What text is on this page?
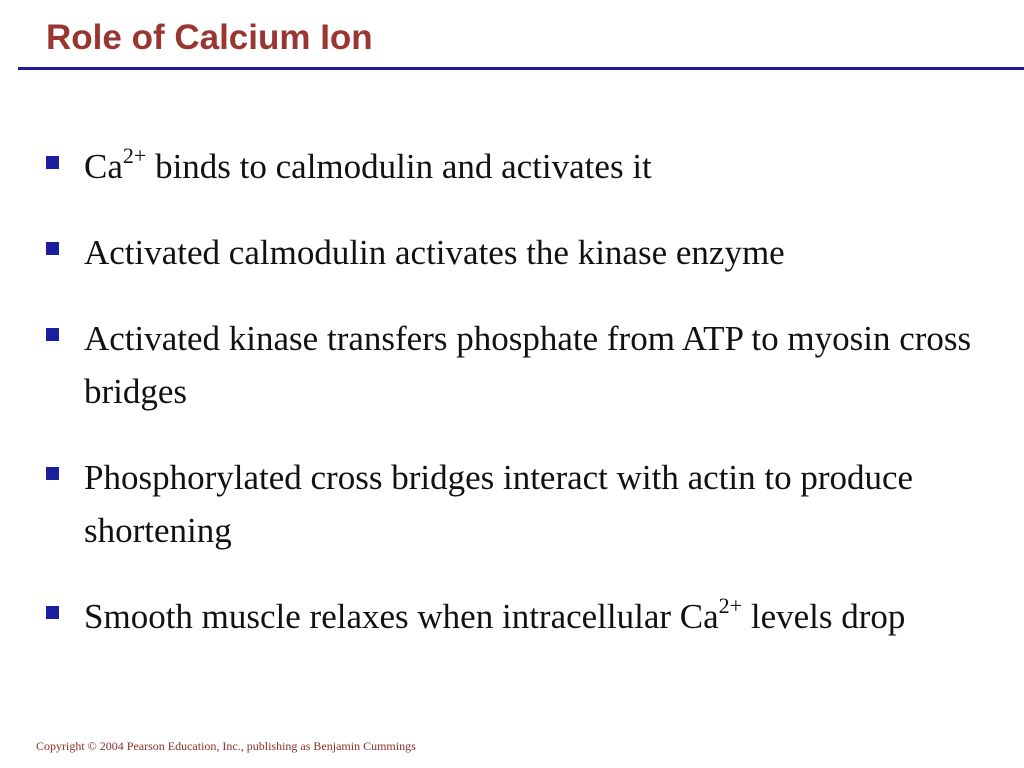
Role of Calcium Ion
$Ca^{2+}$ binds to calmodulin and activates it
Activated calmodulin activates the kinase enzyme
Activated kinase transfers phosphate from ATP to myosin cross bridges
Phosphorylated cross bridges interact with actin to produce shortening
Smooth muscle relaxes when intracellular $Ca^{2+}$ levels drop
Copyright © 2004 Pearson Education, Inc., publishing as Benjamin Cummings
